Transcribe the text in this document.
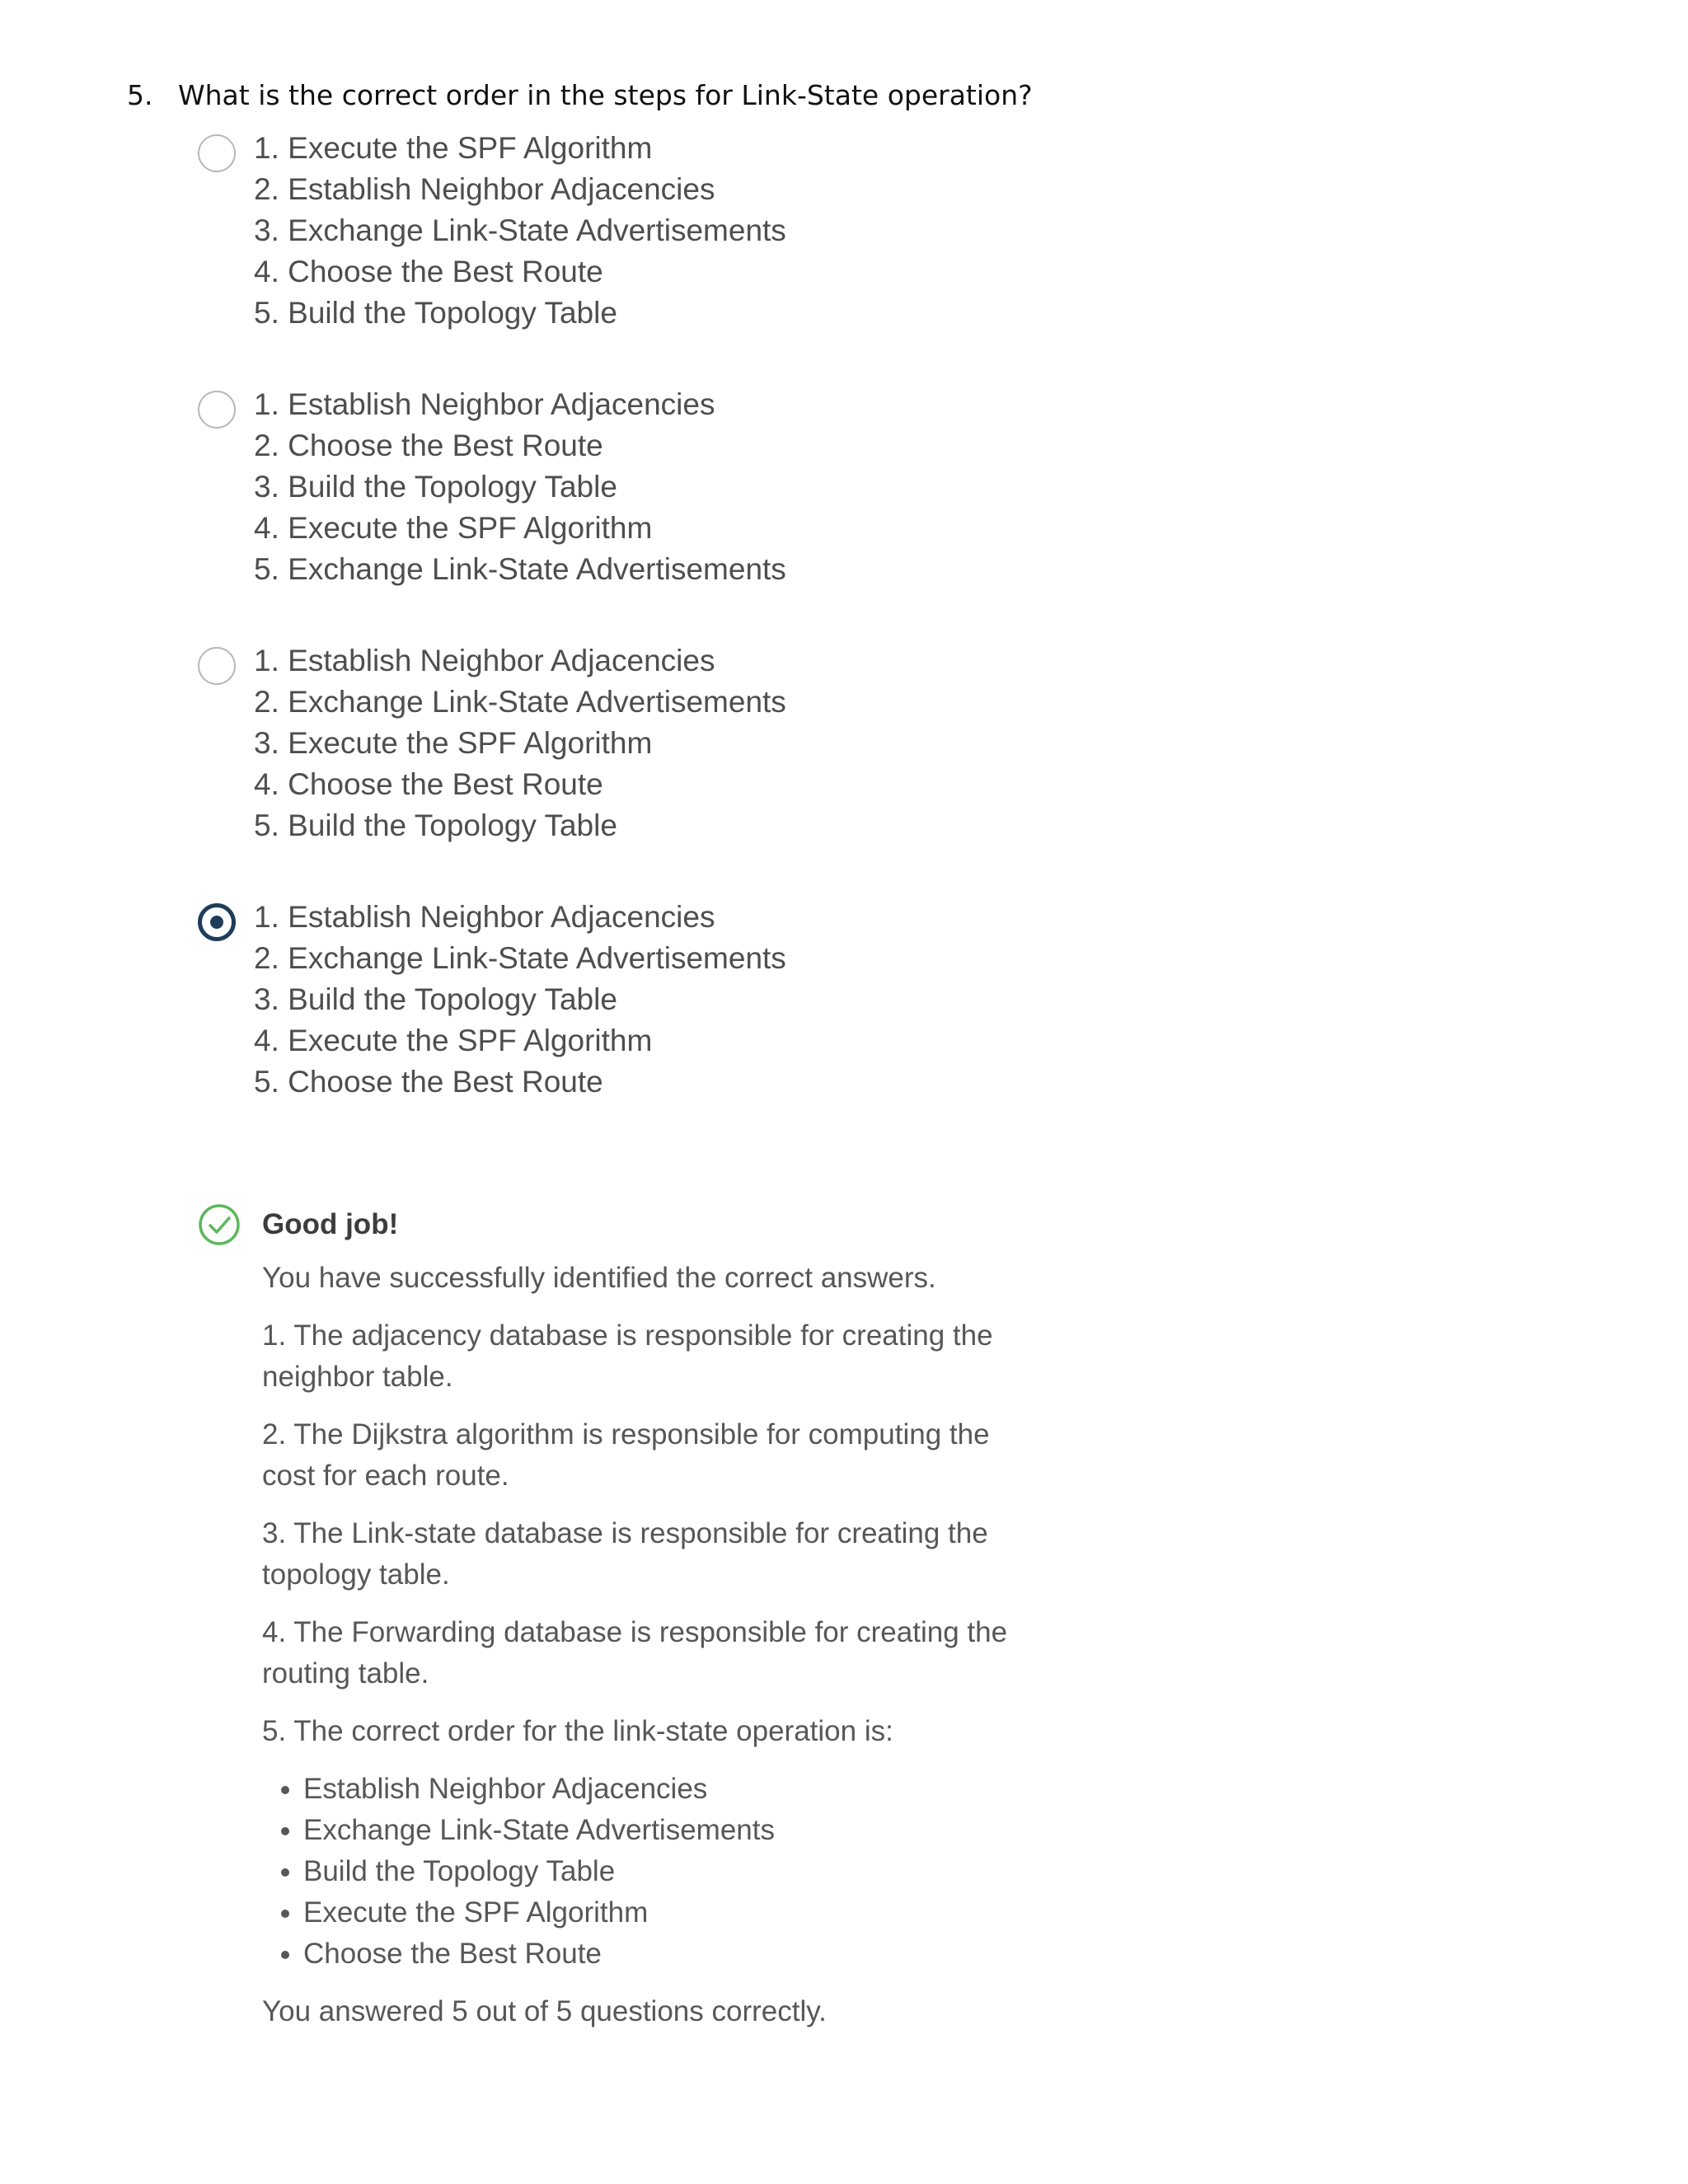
5. What is the correct order in the steps for Link-State operation?
1. Execute the SPF Algorithm
2. Establish Neighbor Adjacencies
3. Exchange Link-State Advertisements
4. Choose the Best Route
5. Build the Topology Table
1. Establish Neighbor Adjacencies
2. Choose the Best Route
3. Build the Topology Table
4. Execute the SPF Algorithm
5. Exchange Link-State Advertisements
1. Establish Neighbor Adjacencies
2. Exchange Link-State Advertisements
3. Execute the SPF Algorithm
4. Choose the Best Route
5. Build the Topology Table
1. Establish Neighbor Adjacencies
2. Exchange Link-State Advertisements
3. Build the Topology Table
4. Execute the SPF Algorithm
5. Choose the Best Route
Good job!

You have successfully identified the correct answers.

1. The adjacency database is responsible for creating the neighbor table.

2. The Dijkstra algorithm is responsible for computing the cost for each route.

3. The Link-state database is responsible for creating the topology table.

4. The Forwarding database is responsible for creating the routing table.

5. The correct order for the link-state operation is:

• Establish Neighbor Adjacencies
• Exchange Link-State Advertisements
• Build the Topology Table
• Execute the SPF Algorithm
• Choose the Best Route

You answered 5 out of 5 questions correctly.
